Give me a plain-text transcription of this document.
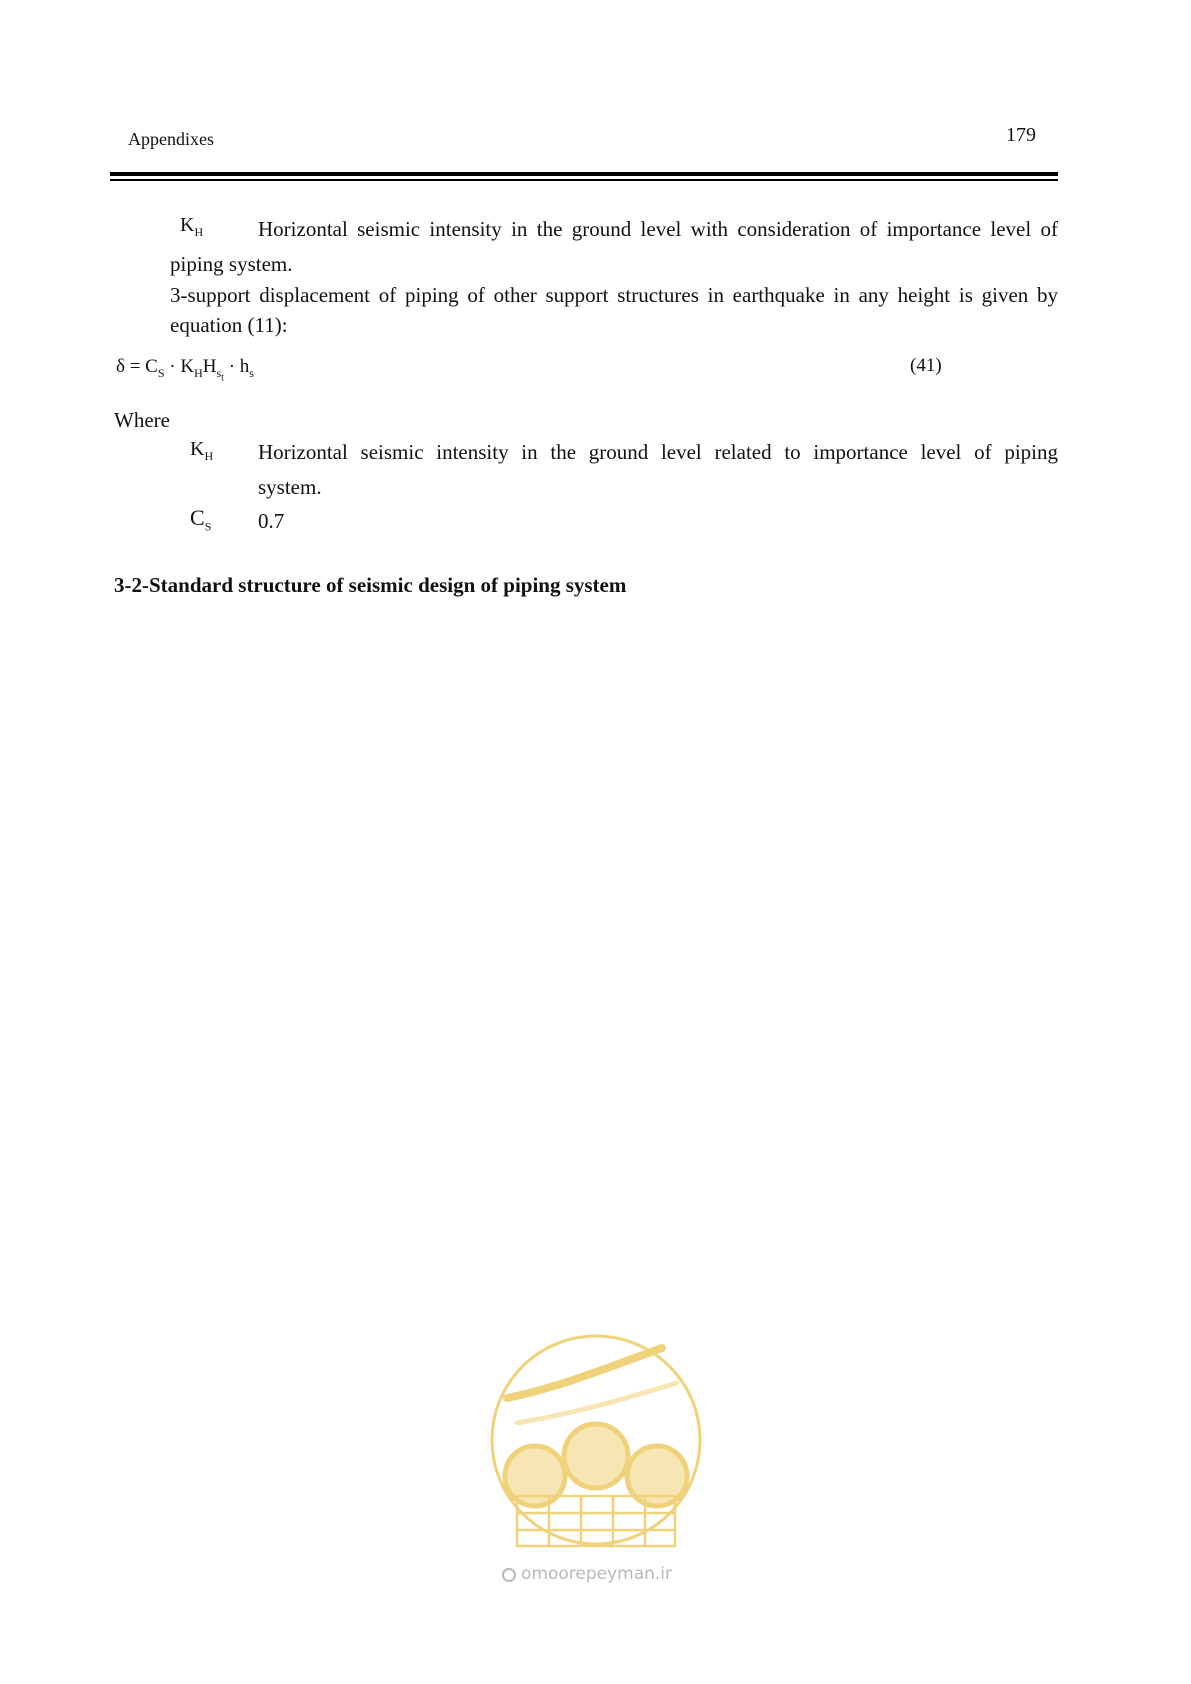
Appendixes	179
$K_H$	Horizontal seismic intensity in the ground level with consideration of importance level of
piping system.
3-support displacement of piping of other support structures in earthquake in any height is given by
equation (11):
$\delta = C_S \cdot K_HH_{s_t} \cdot h_s$	(41)
Where
$K_H$ Horizontal seismic intensity in the ground level related to importance level of piping
system.
$C_S$ 0.7
3-2-Standard structure of seismic design of piping system
omoorepeyman.ir
